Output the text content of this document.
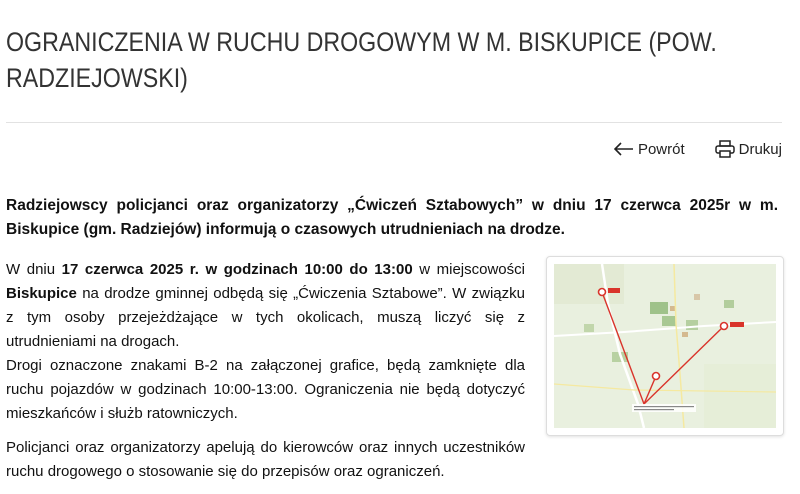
OGRANICZENIA W RUCHU DROGOWYM W M. BISKUPICE (POW. RADZIEJOWSKI)
Powrót	Drukuj

Radziejowscy policjanci oraz organizatorzy „Ćwiczeń Sztabowych” w dniu 17 czerwca 2025r w m. Biskupice (gm. Radziejów) informują o czasowych utrudnieniach na drodze.

W dniu 17 czerwca 2025 r. w godzinach 10:00 do 13:00 w miejscowości Biskupice na drodze gminnej odbędą się „Ćwiczenia Sztabowe”. W związku z tym osoby przejeżdżające w tych okolicach, muszą liczyć się z utrudnieniami na drogach.

Drogi oznaczone znakami B-2 na załączonej grafice, będą zamknięte dla ruchu pojazdów w godzinach 10:00-13:00. Ograniczenia nie będą dotyczyć mieszkańców i służb ratowniczych.

Policjanci oraz organizatorzy apelują do kierowców oraz innych uczestników ruchu drogowego o stosowanie się do przepisów oraz ograniczeń.
